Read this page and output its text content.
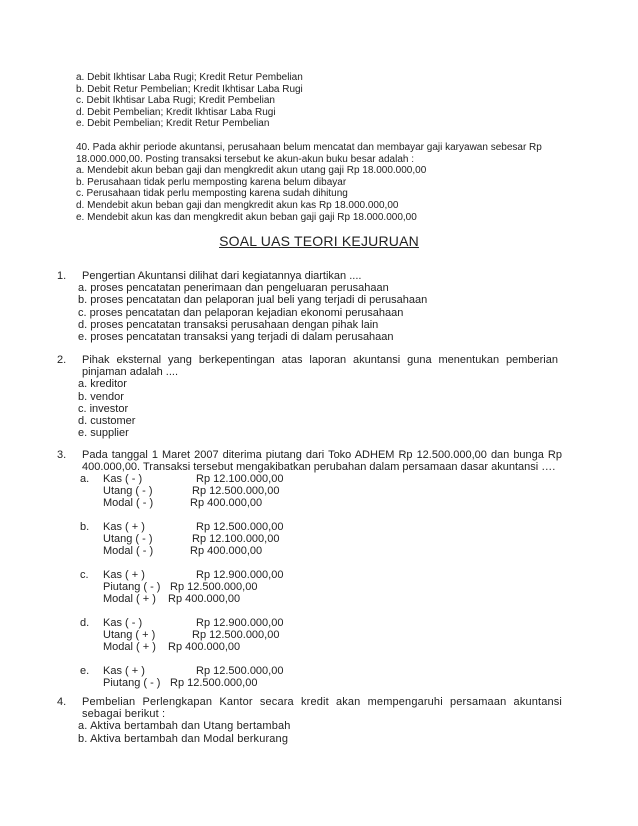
a. Debit Ikhtisar Laba Rugi; Kredit Retur Pembelian
b. Debit Retur Pembelian; Kredit Ikhtisar Laba Rugi
c. Debit Ikhtisar Laba Rugi; Kredit Pembelian
d. Debit Pembelian; Kredit Ikhtisar Laba Rugi
e. Debit Pembelian; Kredit Retur Pembelian
40. Pada akhir periode akuntansi, perusahaan belum mencatat dan membayar gaji karyawan sebesar Rp
18.000.000,00. Posting transaksi tersebut ke akun-akun buku besar adalah :
a. Mendebit akun beban gaji dan mengkredit akun utang gaji Rp 18.000.000,00
b. Perusahaan tidak perlu memposting karena belum dibayar
c. Perusahaan tidak perlu memposting karena sudah dihitung
d. Mendebit akun beban gaji dan mengkredit akun kas Rp 18.000.000,00
e. Mendebit akun kas dan mengkredit akun beban gaji gaji Rp 18.000.000,00
SOAL UAS TEORI KEJURUAN
1. Pengertian Akuntansi dilihat dari kegiatannya diartikan ....
a. proses pencatatan penerimaan dan pengeluaran perusahaan
b. proses pencatatan dan pelaporan jual beli yang terjadi di perusahaan
c. proses pencatatan dan pelaporan kejadian ekonomi perusahaan
d. proses pencatatan transaksi perusahaan dengan pihak lain
e. proses pencatatan transaksi yang terjadi di dalam perusahaan
2.	Pihak eksternal yang berkepentingan atas laporan akuntansi guna menentukan pemberian pinjaman adalah ....
a. kreditor
b. vendor
c. investor
d. customer
e. supplier
3.	Pada tanggal 1 Maret 2007 diterima piutang dari Toko ADHEM Rp 12.500.000,00 dan bunga Rp 400.000,00. Transaksi tersebut mengakibatkan perubahan dalam persamaan dasar akuntansi ….
a. Kas ( - )	Rp 12.100.000,00
Utang ( - )	Rp 12.500.000,00
Modal ( - )	Rp 400.000,00
b. Kas ( + )	Rp 12.500.000,00
Utang ( - )	Rp 12.100.000,00
Modal ( - )	Rp 400.000,00
c. Kas ( + )	Rp 12.900.000,00
Piutang ( - ) Rp 12.500.000,00
Modal ( + ) Rp 400.000,00
d. Kas ( - )	Rp 12.900.000,00
Utang ( + )	Rp 12.500.000,00
Modal ( + ) Rp 400.000,00
e. Kas ( + )	Rp 12.500.000,00
Piutang ( - ) Rp 12.500.000,00
4.	Pembelian Perlengkapan Kantor secara kredit akan mempengaruhi persamaan akuntansi sebagai berikut :
a. Aktiva bertambah dan Utang bertambah
b. Aktiva bertambah dan Modal berkurang
